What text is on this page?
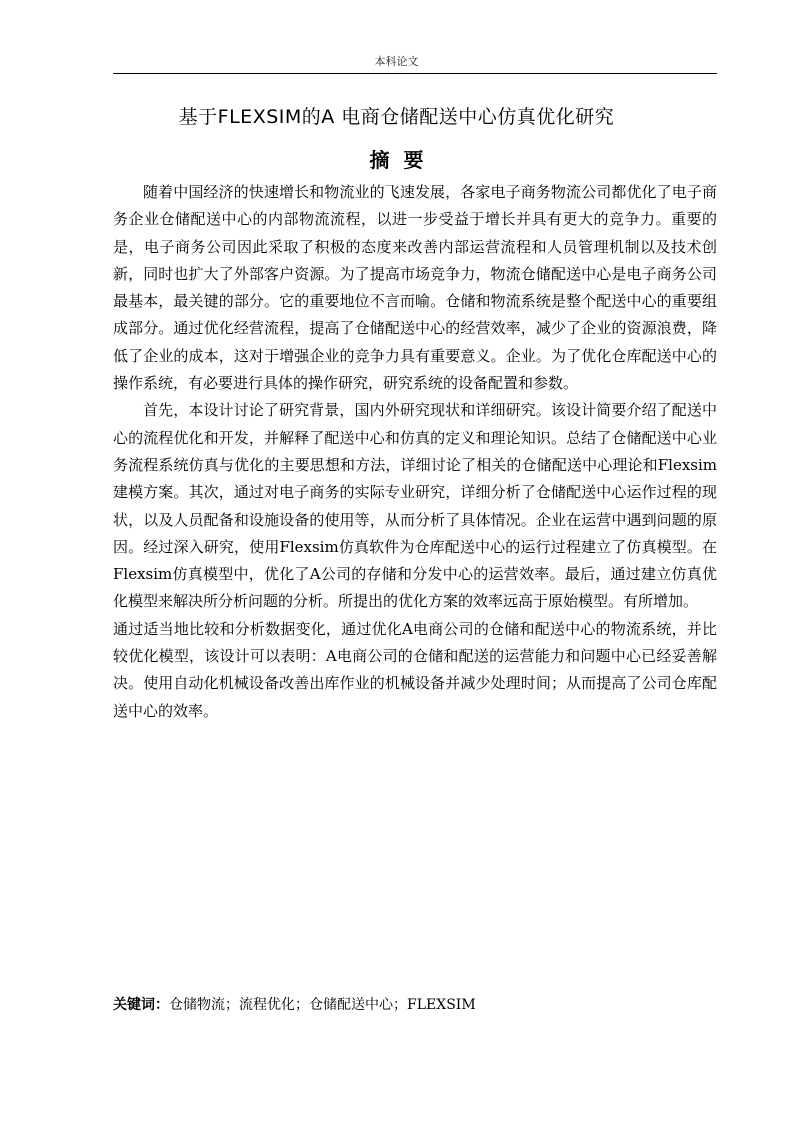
本科论文
基于FLEXSIM的A 电商仓储配送中心仿真优化研究
摘要

随着中国经济的快速增长和物流业的飞速发展，各家电子商务物流公司都优化了电子商务企业仓储配送中心的内部物流流程，以进一步受益于增长并具有更大的竞争力。重要的是，电子商务公司因此采取了积极的态度来改善内部运营流程和人员管理机制以及技术创新，同时也扩大了外部客户资源。为了提高市场竞争力，物流仓储配送中心是电子商务公司最基本，最关键的部分。它的重要地位不言而喻。仓储和物流系统是整个配送中心的重要组成部分。通过优化经营流程，提高了仓储配送中心的经营效率，减少了企业的资源浪费，降低了企业的成本，这对于增强企业的竞争力具有重要意义。企业。为了优化仓库配送中心的操作系统，有必要进行具体的操作研究，研究系统的设备配置和参数。

首先，本设计讨论了研究背景，国内外研究现状和详细研究。该设计简要介绍了配送中心的流程优化和开发，并解释了配送中心和仿真的定义和理论知识。总结了仓储配送中心业务流程系统仿真与优化的主要思想和方法，详细讨论了相关的仓储配送中心理论和Flexsim建模方案。其次，通过对电子商务的实际专业研究，详细分析了仓储配送中心运作过程的现状，以及人员配备和设施设备的使用等，从而分析了具体情况。企业在运营中遇到问题的原因。经过深入研究，使用Flexsim仿真软件为仓库配送中心的运行过程建立了仿真模型。在Flexsim仿真模型中，优化了A公司的存储和分发中心的运营效率。最后，通过建立仿真优化模型来解决所分析问题的分析。所提出的优化方案的效率远高于原始模型。有所增加。

通过适当地比较和分析数据变化，通过优化A电商公司的仓储和配送中心的物流系统，并比较优化模型，该设计可以表明：A电商公司的仓储和配送的运营能力和问题中心已经妥善解决。使用自动化机械设备改善出库作业的机械设备并减少处理时间；从而提高了公司仓库配送中心的效率。

关键词：仓储物流；流程优化；仓储配送中心；FLEXSIM
